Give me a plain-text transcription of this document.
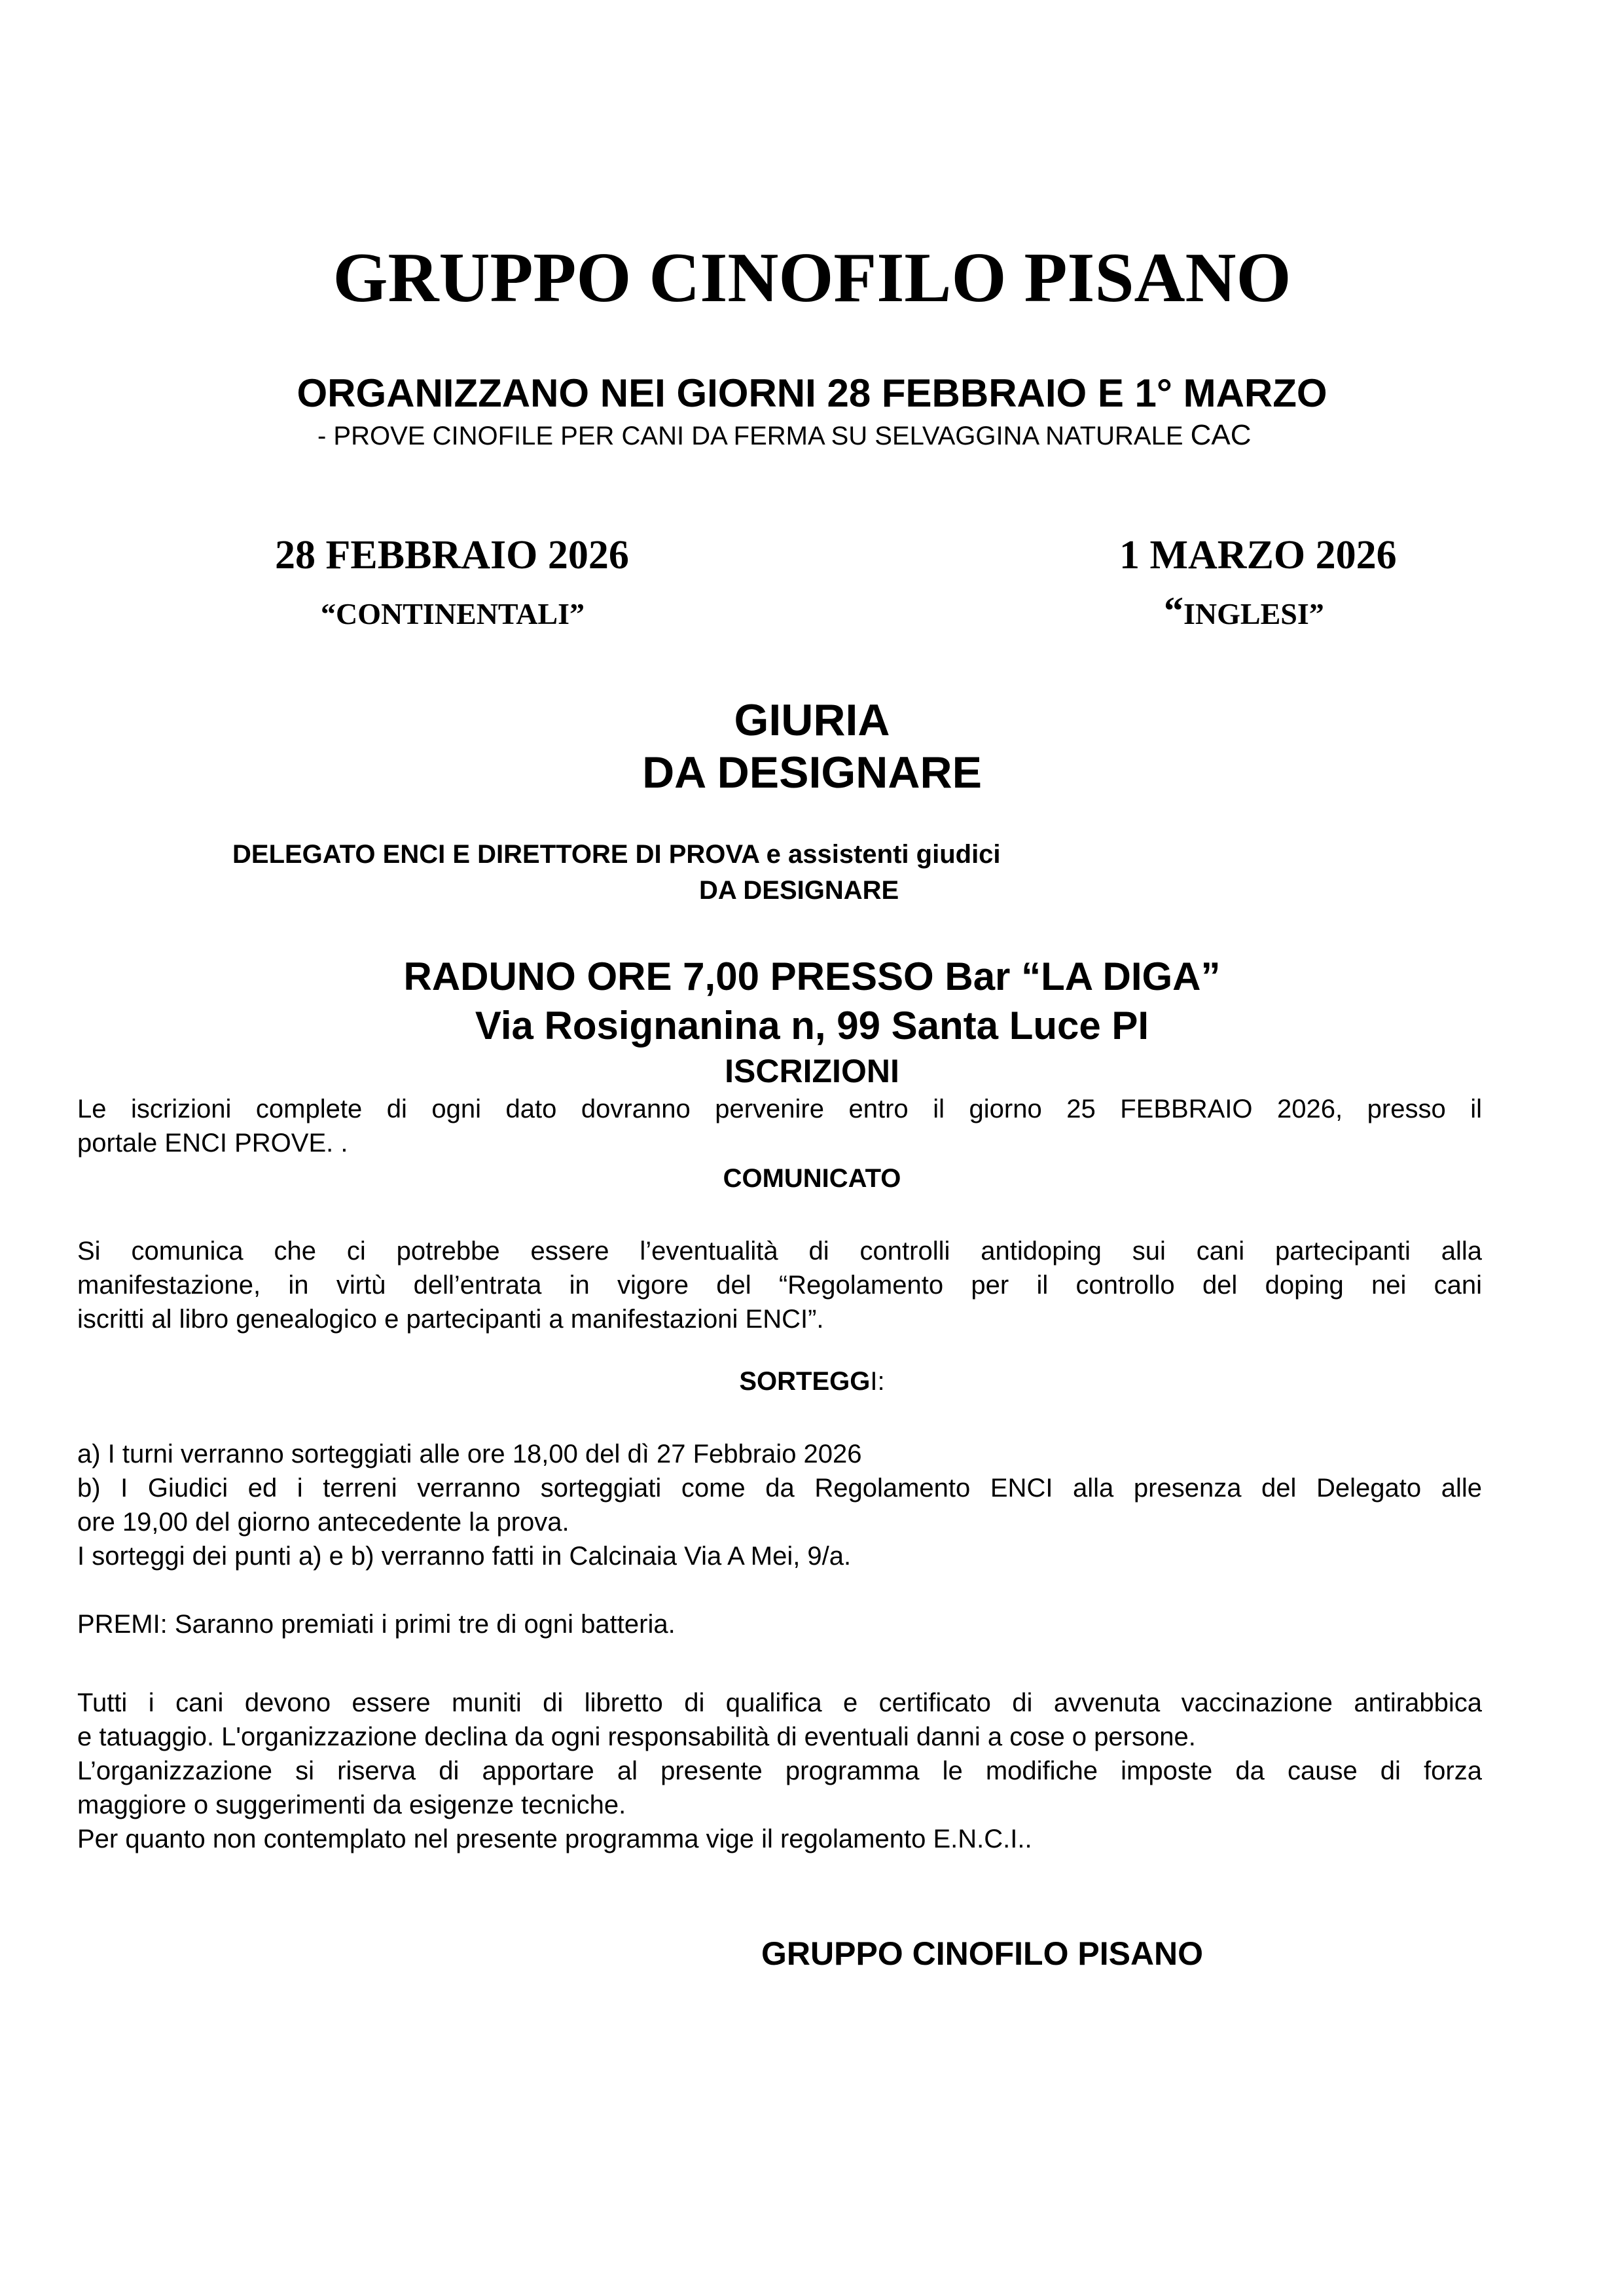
GRUPPO CINOFILO PISANO
ORGANIZZANO NEI GIORNI 28 FEBBRAIO E 1° MARZO
- PROVE CINOFILE PER CANI DA FERMA SU SELVAGGINA NATURALE CAC
28 FEBBRAIO 2026
“CONTINENTALI”
1 MARZO 2026
“INGLESI”
GIURIA
DA DESIGNARE
DELEGATO ENCI E DIRETTORE DI PROVA e assistenti giudici
DA DESIGNARE
RADUNO ORE 7,00 PRESSO Bar “LA DIGA”
Via Rosignanina n, 99 Santa Luce PI
ISCRIZIONI
Le iscrizioni complete di ogni dato dovranno pervenire entro il giorno 25 FEBBRAIO 2026, presso il
portale ENCI PROVE. .
COMUNICATO
Si comunica che ci potrebbe essere l’eventualità di controlli antidoping sui cani partecipanti alla
manifestazione, in virtù dell’entrata in vigore del “Regolamento per il controllo del doping nei cani
iscritti al libro genealogico e partecipanti a manifestazioni ENCI”.
SORTEGGI:
a) I turni verranno sorteggiati alle ore 18,00 del dì 27 Febbraio 2026
b) I Giudici ed i terreni verranno sorteggiati come da Regolamento ENCI alla presenza del Delegato alle
ore 19,00 del giorno antecedente la prova.
I sorteggi dei punti a) e b) verranno fatti in Calcinaia Via A Mei, 9/a.
PREMI: Saranno premiati i primi tre di ogni batteria.
Tutti i cani devono essere muniti di libretto di qualifica e certificato di avvenuta vaccinazione antirabbica
e tatuaggio. L'organizzazione declina da ogni responsabilità di eventuali danni a cose o persone.
L’organizzazione si riserva di apportare al presente programma le modifiche imposte da cause di forza
maggiore o suggerimenti da esigenze tecniche.
Per quanto non contemplato nel presente programma vige il regolamento E.N.C.I..
GRUPPO CINOFILO PISANO
